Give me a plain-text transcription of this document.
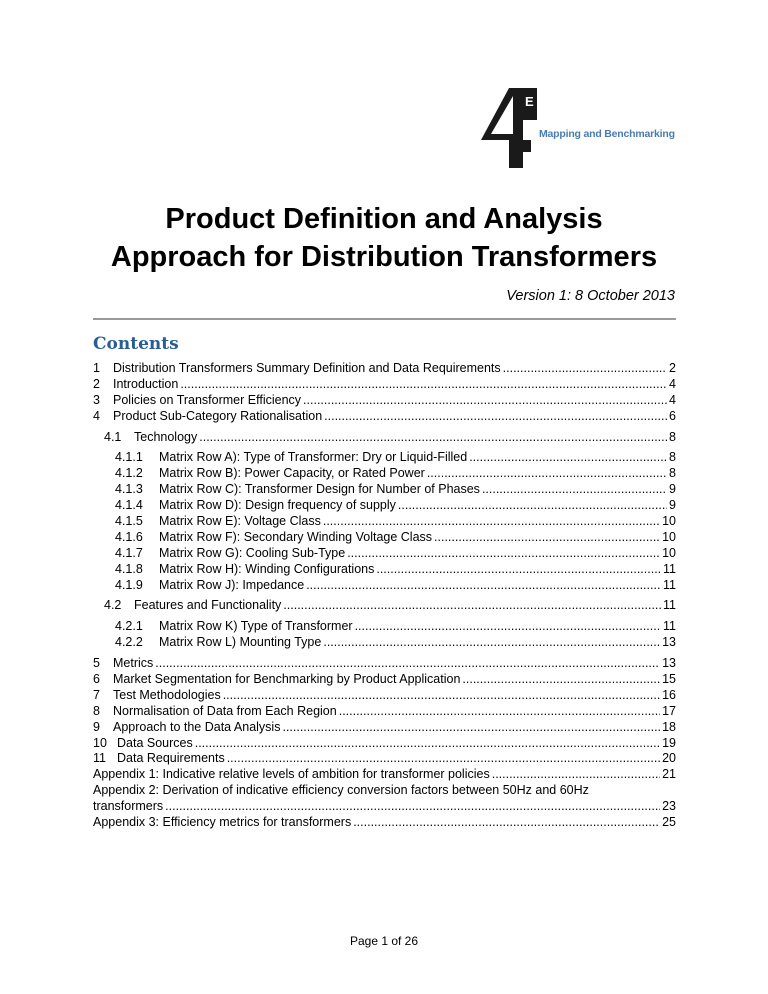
E
Mapping and Benchmarking
Product Definition and Analysis
Approach for Distribution Transformers
Version 1: 8 October 2013
Contents
1	Distribution Transformers Summary Definition and Data Requirements .....	2
2	Introduction .....	4
3	Policies on Transformer Efficiency .....	4
4	Product Sub-Category Rationalisation .....	6
4.1	Technology .....	8
4.1.1	Matrix Row A): Type of Transformer: Dry or Liquid-Filled .....	8
4.1.2	Matrix Row B): Power Capacity, or Rated Power .....	8
4.1.3	Matrix Row C): Transformer Design for Number of Phases .....	9
4.1.4	Matrix Row D): Design frequency of supply .....	9
4.1.5	Matrix Row E): Voltage Class .....	10
4.1.6	Matrix Row F): Secondary Winding Voltage Class .....	10
4.1.7	Matrix Row G): Cooling Sub-Type .....	10
4.1.8	Matrix Row H): Winding Configurations .....	11
4.1.9	Matrix Row J): Impedance .....	11
4.2	Features and Functionality .....	11
4.2.1	Matrix Row K) Type of Transformer .....	11
4.2.2	Matrix Row L) Mounting Type .....	13
5	Metrics .....	13
6	Market Segmentation for Benchmarking by Product Application .....	15
7	Test Methodologies .....	16
8	Normalisation of Data from Each Region .....	17
9	Approach to the Data Analysis .....	18
10 Data Sources .....	19
11 Data Requirements .....	20
Appendix 1: Indicative relative levels of ambition for transformer policies .....	21
Appendix 2: Derivation of indicative efficiency conversion factors between 50Hz and 60Hz
transformers .....	23
Appendix 3: Efficiency metrics for transformers .....	25
Page 1 of 26
